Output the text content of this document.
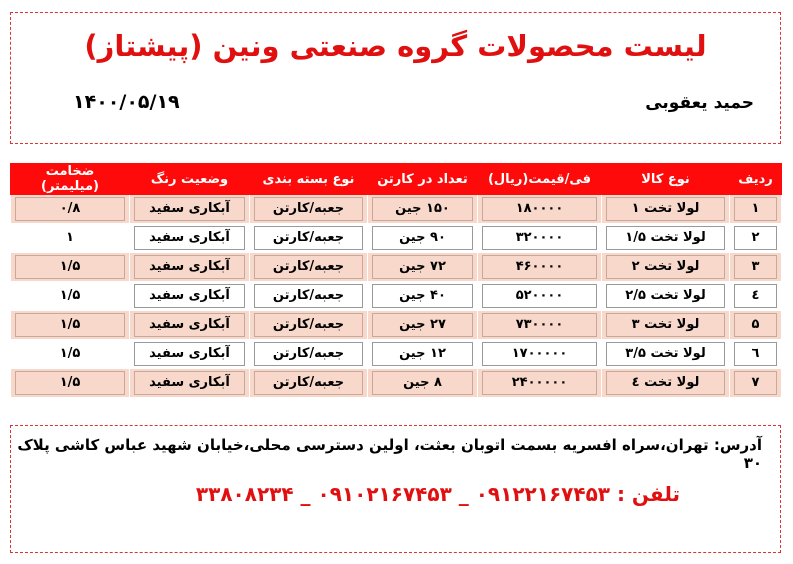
لیست محصولات گروه صنعتی ونین (پیشتاز)
حمید یعقوبی
۱۴۰۰/۰۵/۱۹
ردیف	نوع کالا	فی/قیمت(ریال)	تعداد در کارتن	نوع بسته بندی	وضعیت رنگ	ضخامت (میلیمتر)

۱	لولا تخت ۱	۱۸۰۰۰۰	۱۵۰ جین	جعبه/کارتن	آبکاری سفید	۰/۸

۲	لولا تخت ۱/۵	۳۲۰۰۰۰	۹۰ جین	جعبه/کارتن	آبکاری سفید	۱

۳	لولا تخت ۲	۴۶۰۰۰۰	۷۲ جین	جعبه/کارتن	آبکاری سفید	۱/۵

٤	لولا تخت ۲/۵	۵۲۰۰۰۰	۴۰ جین	جعبه/کارتن	آبکاری سفید	۱/۵

۵	لولا تخت ۳	۷۳۰۰۰۰	۲۷ جین	جعبه/کارتن	آبکاری سفید	۱/۵

٦	لولا تخت ۳/۵	۱۷۰۰۰۰۰	۱۲ جین	جعبه/کارتن	آبکاری سفید	۱/۵

۷	لولا تخت ٤	۲۴۰۰۰۰۰	۸ جین	جعبه/کارتن	آبکاری سفید	۱/۵
آدرس: تهران،سراه افسریه بسمت اتوبان بعثت، اولین دسترسی محلی،خیابان شهید عباس کاشی پلاک ۳۰
تلفن : ۰۹۱۲۲۱۶۷۴۵۳ _ ۰۹۱۰۲۱۶۷۴۵۳ _ ۳۳۸۰۸۲۳۴
